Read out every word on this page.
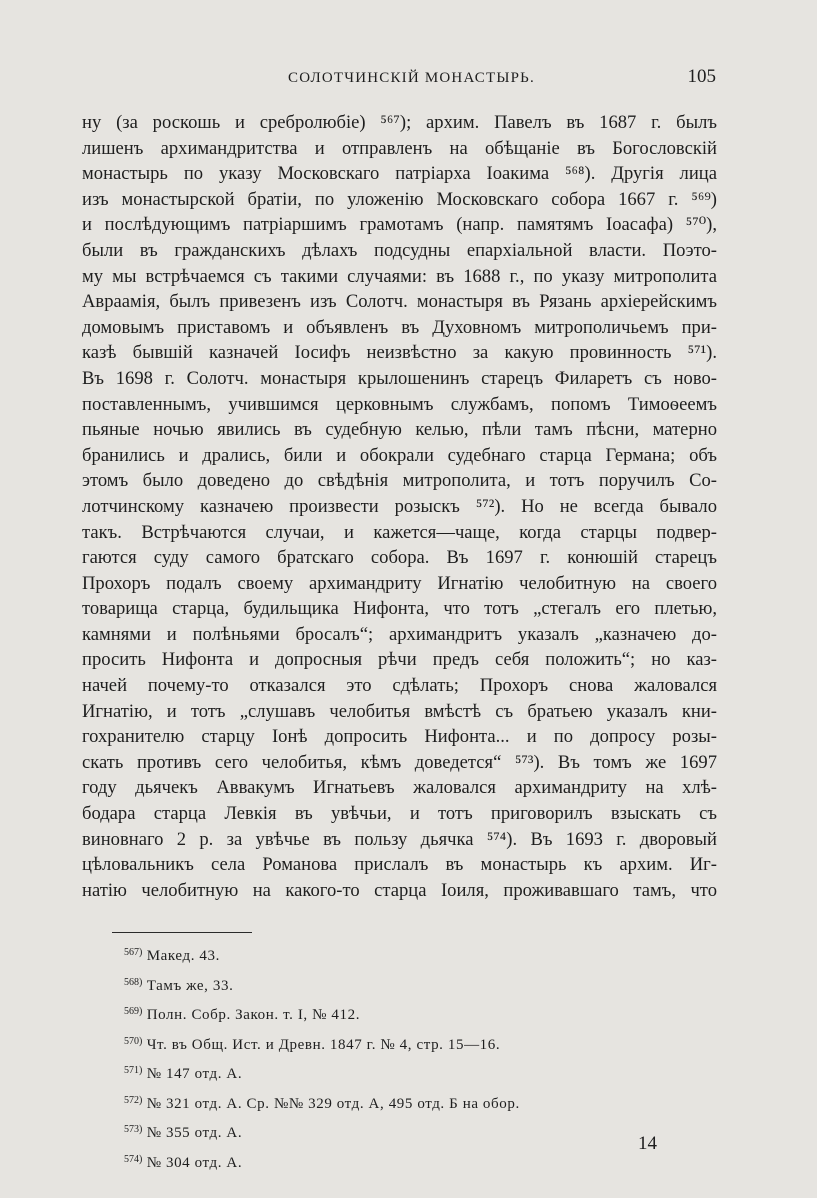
СОЛОТЧИНСКІЙ МОНАСТЫРЬ.	105
ну (за роскошь и сребролюбіе) ⁵⁶⁷); архим. Павелъ въ 1687 г. былъ
лишенъ архимандритства и отправленъ на обѣщаніе въ Богословскій
монастырь по указу Московскаго патріарха Іоакима ⁵⁶⁸). Другія лица
изъ монастырской братіи, по уложенію Московскаго собора 1667 г. ⁵⁶⁹)
и послѣдующимъ патріаршимъ грамотамъ (напр. памятямъ Іоасафа) ⁵⁷⁰),
были въ гражданскихъ дѣлахъ подсудны епархіальной власти. Поэто-
му мы встрѣчаемся съ такими случаями: въ 1688 г., по указу митрополита
Авраамія, былъ привезенъ изъ Солотч. монастыря въ Рязань архіерейскимъ
домовымъ приставомъ и объявленъ въ Духовномъ митрополичьемъ при-
казѣ бывшій казначей Іосифъ неизвѣстно за какую провинность ⁵⁷¹).
Въ 1698 г. Солотч. монастыря крылошенинъ старецъ Филаретъ съ ново-
поставленнымъ, учившимся церковнымъ службамъ, попомъ Тимоѳеемъ
пьяные ночью явились въ судебную келью, пѣли тамъ пѣсни, матерно
бранились и дрались, били и обокрали судебнаго старца Германа; объ
этомъ было доведено до свѣдѣнія митрополита, и тотъ поручилъ Со-
лотчинскому казначею произвести розыскъ ⁵⁷²). Но не всегда бывало
такъ. Встрѣчаются случаи, и кажется—чаще, когда старцы подвер-
гаются суду самого братскаго собора. Въ 1697 г. конюшій старецъ
Прохоръ подалъ своему архимандриту Игнатію челобитную на своего
товарища старца, будильщика Нифонта, что тотъ „стегалъ его плетью,
камнями и полѣньями бросалъ“; архимандритъ указалъ „казначею до-
просить Нифонта и допросныя рѣчи предъ себя положить“; но каз-
начей почему-то отказался это сдѣлать; Прохоръ снова жаловался
Игнатію, и тотъ „слушавъ челобитья вмѣстѣ съ братьею указалъ кни-
гохранителю старцу Іонѣ допросить Нифонта... и по допросу розы-
скать противъ сего челобитья, кѣмъ доведется“ ⁵⁷³). Въ томъ же 1697
году дьячекъ Аввакумъ Игнатьевъ жаловался архимандриту на хлѣ-
бодара старца Левкія въ увѣчьи, и тотъ приговорилъ взыскать съ
виновнаго 2 р. за увѣчье въ пользу дьячка ⁵⁷⁴). Въ 1693 г. дворовый
цѣловальникъ села Романова прислалъ въ монастырь къ архим. Иг-
натію челобитную на какого-то старца Іоиля, проживавшаго тамъ, что
$^{567)}$ Макед. 43.
$^{568)}$ Тамъ же, 33.
$^{569)}$ Полн. Собр. Закон. т. I, № 412.
$^{570)}$ Чт. въ Общ. Ист. и Древн. 1847 г. № 4, стр. 15—16.
$^{571)}$ № 147 отд. А.
$^{572)}$ № 321 отд. А. Ср. №№ 329 отд. А, 495 отд. Б на обор.
$^{573)}$ № 355 отд. А.
$^{574)}$ № 304 отд. А.
14
